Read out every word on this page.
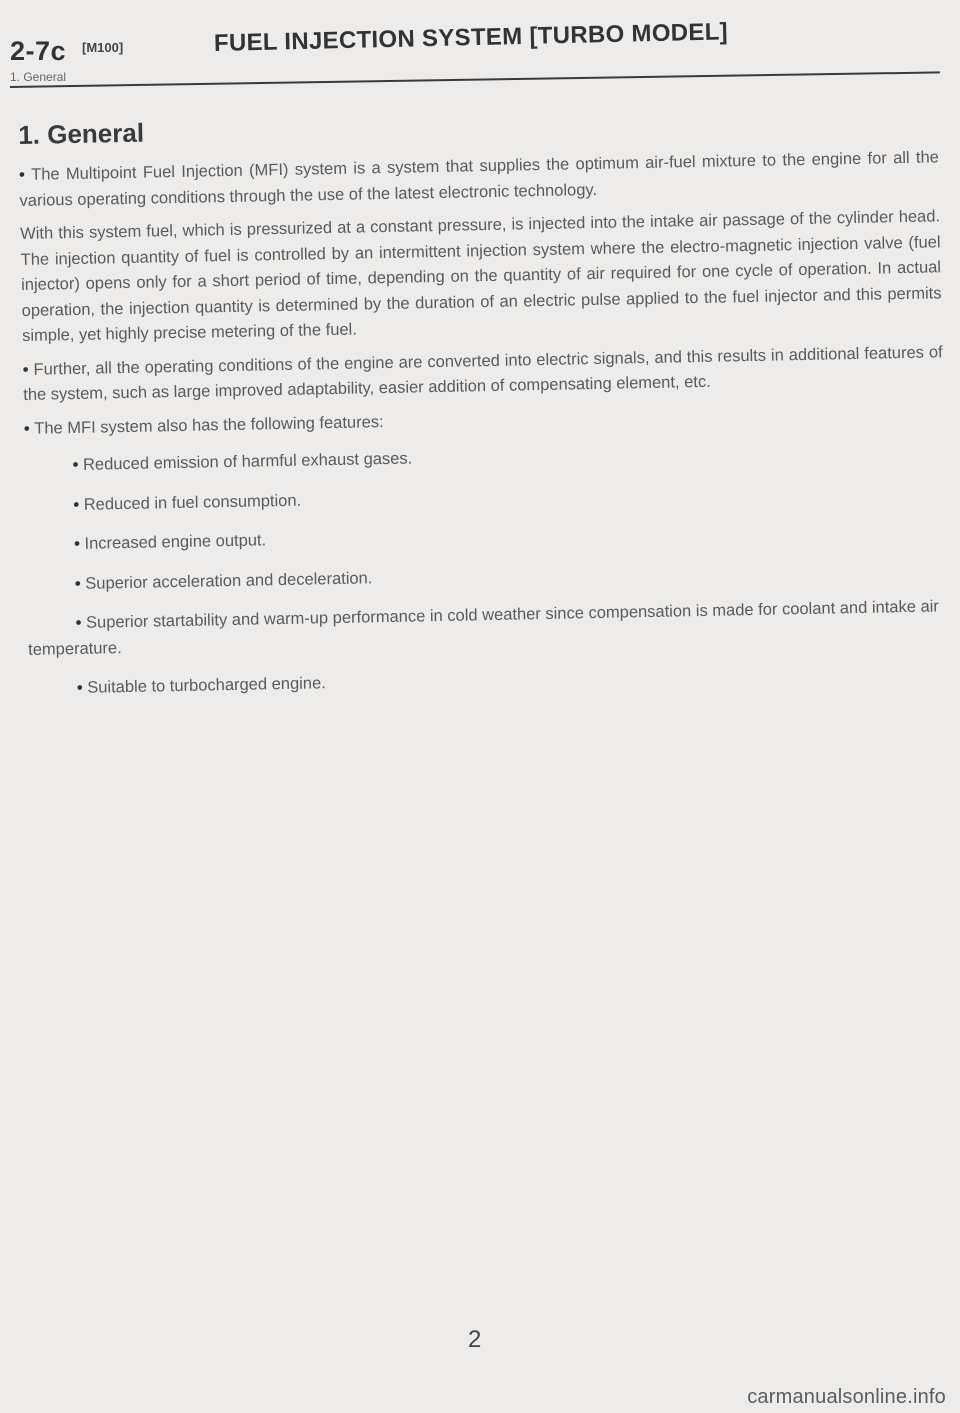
2-7c [M100]	FUEL INJECTION SYSTEM [TURBO MODEL]
1. General
1. General

• The Multipoint Fuel Injection (MFI) system is a system that supplies the optimum air-fuel mixture to the engine for all the various operating conditions through the use of the latest electronic technology.

With this system fuel, which is pressurized at a constant pressure, is injected into the intake air passage of the cylinder head. The injection quantity of fuel is controlled by an intermittent injection system where the electro-magnetic injection valve (fuel injector) opens only for a short period of time, depending on the quantity of air required for one cycle of operation. In actual operation, the injection quantity is determined by the duration of an electric pulse applied to the fuel injector and this permits simple, yet highly precise metering of the fuel.

• Further, all the operating conditions of the engine are converted into electric signals, and this results in additional features of the system, such as large improved adaptability, easier addition of compensating element, etc.

• The MFI system also has the following features:

• Reduced emission of harmful exhaust gases.
• Reduced in fuel consumption.
• Increased engine output.
• Superior acceleration and deceleration.
• Superior startability and warm-up performance in cold weather since compensation is made for coolant and intake air temperature.
• Suitable to turbocharged engine.
2
carmanualsonline.info
